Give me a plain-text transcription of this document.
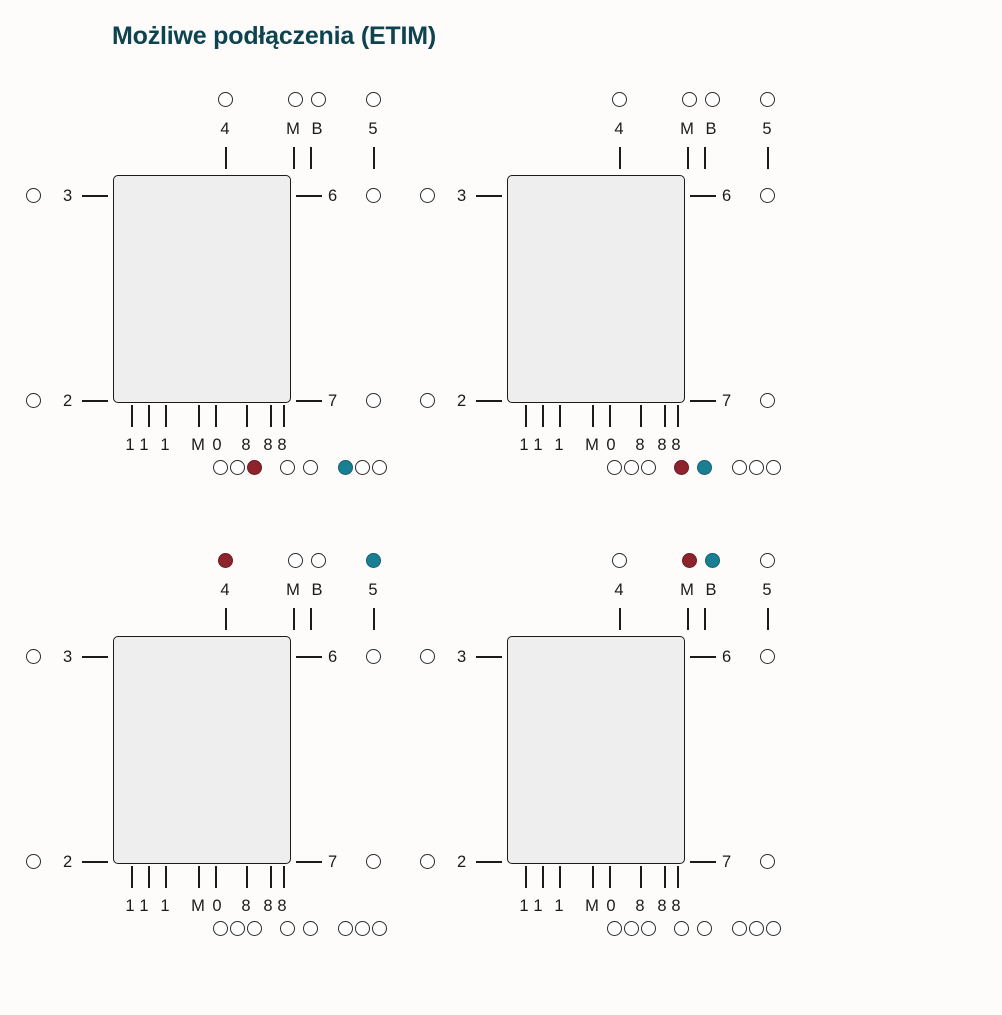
Możliwe podłączenia (ETIM)
4	M B	5
3
2
6
7
1 1 1 M 0 8 8 8
4	M B	5
3
2
6
7
1 1 1 M 0 8 8 8
4	M B	5
3
2
6
7
1 1 1 M 0 8 8 8
4	M B	5
3
2
6
7
1 1 1 M 0 8 8 8
